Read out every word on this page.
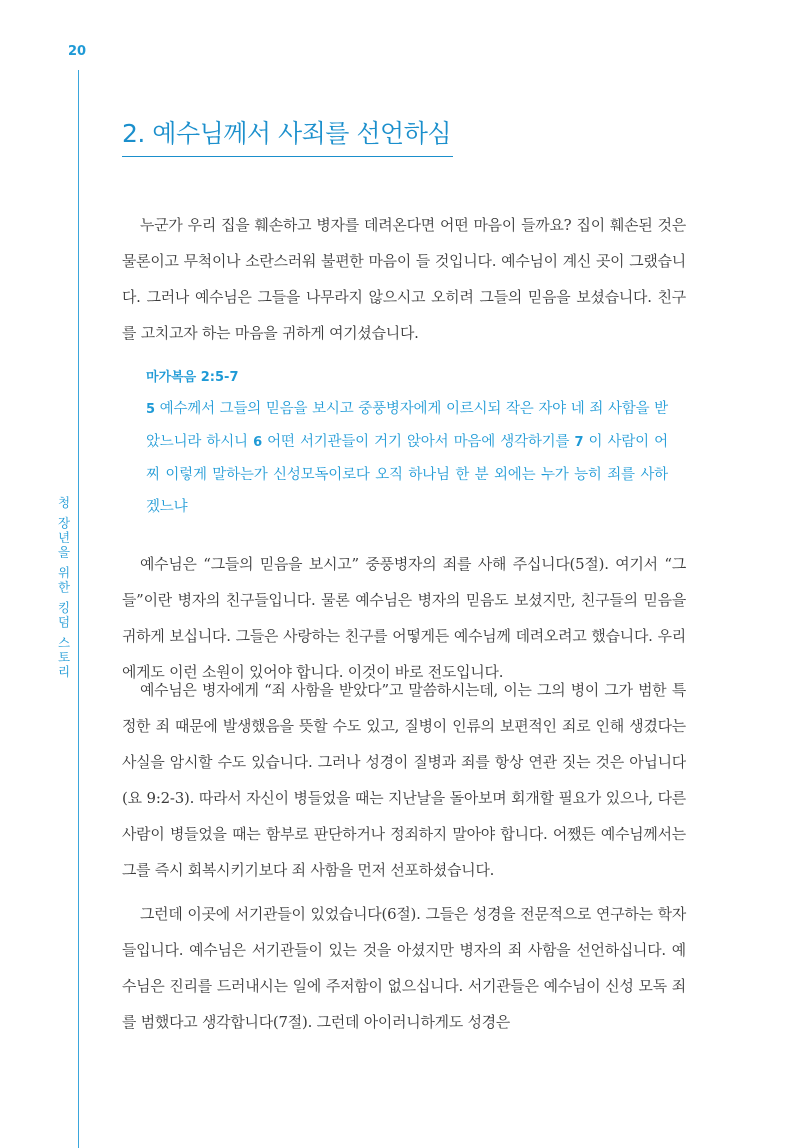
20
청 장년을 위한 킹덤 스토리
2. 예수님께서 사죄를 선언하심

누군가 우리 집을 훼손하고 병자를 데려온다면 어떤 마음이 들까요? 집이 훼손된 것은 물론이고 무척이나 소란스러워 불편한 마음이 들 것입니다. 예수님이 계신 곳이 그랬습니다. 그러나 예수님은 그들을 나무라지 않으시고 오히려 그들의 믿음을 보셨습니다. 친구를 고치고자 하는 마음을 귀하게 여기셨습니다.

마가복음 2:5-7

5 예수께서 그들의 믿음을 보시고 중풍병자에게 이르시되 작은 자야 네 죄 사함을 받았느니라 하시니 6 어떤 서기관들이 거기 앉아서 마음에 생각하기를 7 이 사람이 어찌 이렇게 말하는가 신성모독이로다 오직 하나님 한 분 외에는 누가 능히 죄를 사하겠느냐

예수님은 “그들의 믿음을 보시고” 중풍병자의 죄를 사해 주십니다(5절). 여기서 “그들”이란 병자의 친구들입니다. 물론 예수님은 병자의 믿음도 보셨지만, 친구들의 믿음을 귀하게 보십니다. 그들은 사랑하는 친구를 어떻게든 예수님께 데려오려고 했습니다. 우리에게도 이런 소원이 있어야 합니다. 이것이 바로 전도입니다.

예수님은 병자에게 “죄 사함을 받았다”고 말씀하시는데, 이는 그의 병이 그가 범한 특정한 죄 때문에 발생했음을 뜻할 수도 있고, 질병이 인류의 보편적인 죄로 인해 생겼다는 사실을 암시할 수도 있습니다. 그러나 성경이 질병과 죄를 항상 연관 짓는 것은 아닙니다(요 9:2-3). 따라서 자신이 병들었을 때는 지난날을 돌아보며 회개할 필요가 있으나, 다른 사람이 병들었을 때는 함부로 판단하거나 정죄하지 말아야 합니다. 어쨌든 예수님께서는 그를 즉시 회복시키기보다 죄 사함을 먼저 선포하셨습니다.

그런데 이곳에 서기관들이 있었습니다(6절). 그들은 성경을 전문적으로 연구하는 학자들입니다. 예수님은 서기관들이 있는 것을 아셨지만 병자의 죄 사함을 선언하십니다. 예수님은 진리를 드러내시는 일에 주저함이 없으십니다. 서기관들은 예수님이 신성 모독 죄를 범했다고 생각합니다(7절). 그런데 아이러니하게도 성경은
